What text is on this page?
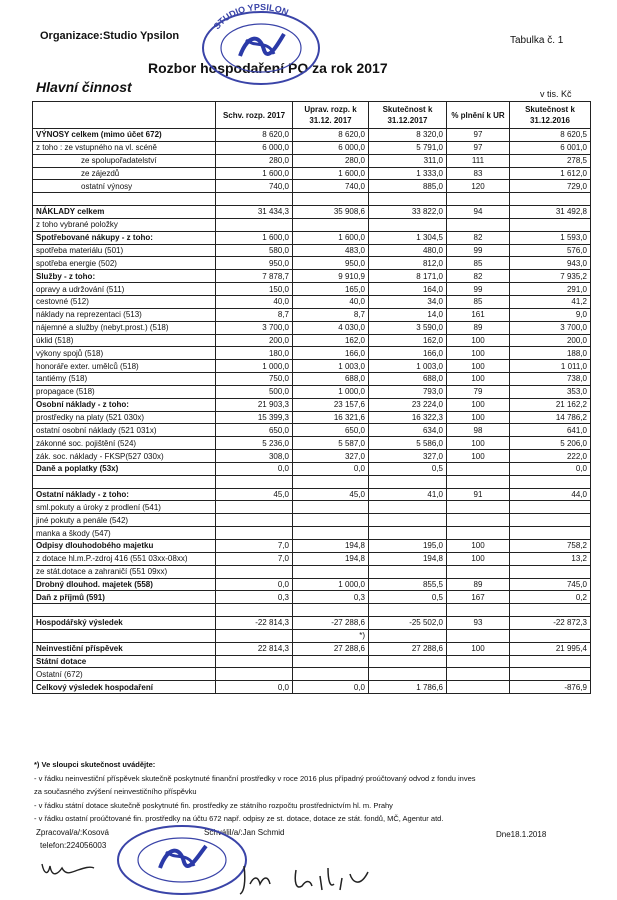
Organizace:Studio Ypsilon	Tabulka č. 1
Rozbor hospodaření PO za rok 2017
Hlavní činnost	v tis. Kč
STUDIO YPSILON
	Schv. rozp. 2017	Uprav. rozp. k 31.12. 2017	Skutečnost k 31.12.2017	% plnění k UR	Skutečnost k 31.12.2016
VÝNOSY celkem (mimo účet 672)	8 620,0	8 620,0	8 320,0	97	8 620,5
z toho : ze vstupného na vl. scéně	6 000,0	6 000,0	5 791,0	97	6 001,0
ze spolupořadatelství	280,0	280,0	311,0	111	278,5
ze zájezdů	1 600,0	1 600,0	1 333,0	83	1 612,0
ostatní výnosy	740,0	740,0	885,0	120	729,0

NÁKLADY celkem	31 434,3	35 908,6	33 822,0	94	31 492,8
z toho vybrané položky					
Spotřebované nákupy - z toho:	1 600,0	1 600,0	1 304,5	82	1 593,0
spotřeba materiálu (501)	580,0	483,0	480,0	99	576,0
spotřeba energie (502)	950,0	950,0	812,0	85	943,0
Služby - z toho:	7 878,7	9 910,9	8 171,0	82	7 935,2
opravy a udržování (511)	150,0	165,0	164,0	99	291,0
cestovné (512)	40,0	40,0	34,0	85	41,2
náklady na reprezentaci (513)	8,7	8,7	14,0	161	9,0
nájemné a služby (nebyt.prost.) (518)	3 700,0	4 030,0	3 590,0	89	3 700,0
úklid (518)	200,0	162,0	162,0	100	200,0
výkony spojů (518)	180,0	166,0	166,0	100	188,0
honoráře exter. umělců (518)	1 000,0	1 003,0	1 003,0	100	1 011,0
tantiémy (518)	750,0	688,0	688,0	100	738,0
propagace (518)	500,0	1 000,0	793,0	79	353,0
Osobní náklady - z toho:	21 903,3	23 157,6	23 224,0	100	21 162,2
prostředky na platy (521 030x)	15 399,3	16 321,6	16 322,3	100	14 786,2
ostatní osobní náklady (521 031x)	650,0	650,0	634,0	98	641,0
zákonné soc. pojištění (524)	5 236,0	5 587,0	5 586,0	100	5 206,0
zák. soc. náklady - FKSP(527 030x)	308,0	327,0	327,0	100	222,0
Daně a poplatky (53x)	0,0	0,0	0,5		0,0

Ostatní náklady - z toho:	45,0	45,0	41,0	91	44,0
sml.pokuty a úroky z prodlení (541)					
jiné pokuty a penále (542)					
manka a škody (547)					
Odpisy dlouhodobého majetku	7,0	194,8	195,0	100	758,2
z dotace hl.m.P.-zdroj 416 (551 03xx-08xx)	7,0	194,8	194,8	100	13,2
ze stát.dotace a zahraničí (551 09xx)					
Drobný dlouhod. majetek (558)	0,0	1 000,0	855,5	89	745,0
Daň z příjmů (591)	0,3	0,3	0,5	167	0,2

Hospodářský výsledek	-22 814,3	-27 288,6	-25 502,0	93	-22 872,3
		*)			
Neinvestiční příspěvek	22 814,3	27 288,6	27 288,6	100	21 995,4
Státní dotace					
Ostatní (672)					
Celkový výsledek hospodaření	0,0	0,0	1 786,6		-876,9
*) Ve sloupci skutečnost uvádějte:
- v řádku neinvestiční příspěvek skutečně poskytnuté finanční prostředky v roce 2016 plus případný proúčtovaný odvod z fondu inves
za současného zvýšení neinvestičního příspěvku
- v řádku státní dotace skutečně poskytnuté fin. prostředky ze státního rozpočtu prostřednictvím hl. m. Prahy
- v řádku ostatní proúčtované fin. prostředky na účtu 672 např. odpisy ze st. dotace, dotace ze stát. fondů, MČ, Agentur atd.
Zpracoval/a/:Kosová
telefon:224056003
Schválil/a/:Jan Schmid	Dne18.1.2018
